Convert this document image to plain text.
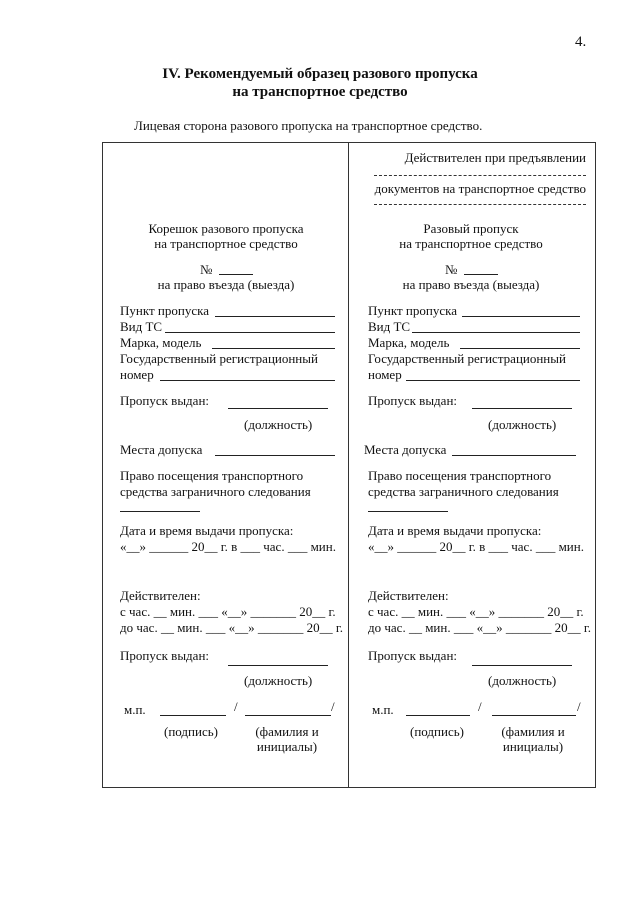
4.
IV. Рекомендуемый образец разового пропуска
на транспортное средство
Лицевая сторона разового пропуска на транспортное средство.
Действителен при предъявлении
документов на транспортное средство
Корешок разового пропуска
на транспортное средство
№
на право въезда (выезда)
Пункт пропуска
Вид ТС
Марка, модель
Государственный регистрационный
номер
Пропуск выдан:
(должность)
Места допуска
Право посещения транспортного
средства заграничного следования
Дата и время выдачи пропуска:
«__» ______ 20__ г. в ___ час. ___ мин.
Действителен:
с час. __ мин. ___ «__» _______ 20__ г.
до час. __ мин. ___ «__» _______ 20__ г.
Пропуск выдан:
(должность)
м.п.	/	/
(подпись)	(фамилия и
инициалы)
Разовый пропуск
на транспортное средство
№
на право въезда (выезда)
Пункт пропуска
Вид ТС
Марка, модель
Государственный регистрационный
номер
Пропуск выдан:
(должность)
Места допуска
Право посещения транспортного
средства заграничного следования
Дата и время выдачи пропуска:
«__» ______ 20__ г. в ___ час. ___ мин.
Действителен:
с час. __ мин. ___ «__» _______ 20__ г.
до час. __ мин. ___ «__» _______ 20__ г.
Пропуск выдан:
(должность)
м.п.	/	/
(подпись)	(фамилия и
инициалы)
